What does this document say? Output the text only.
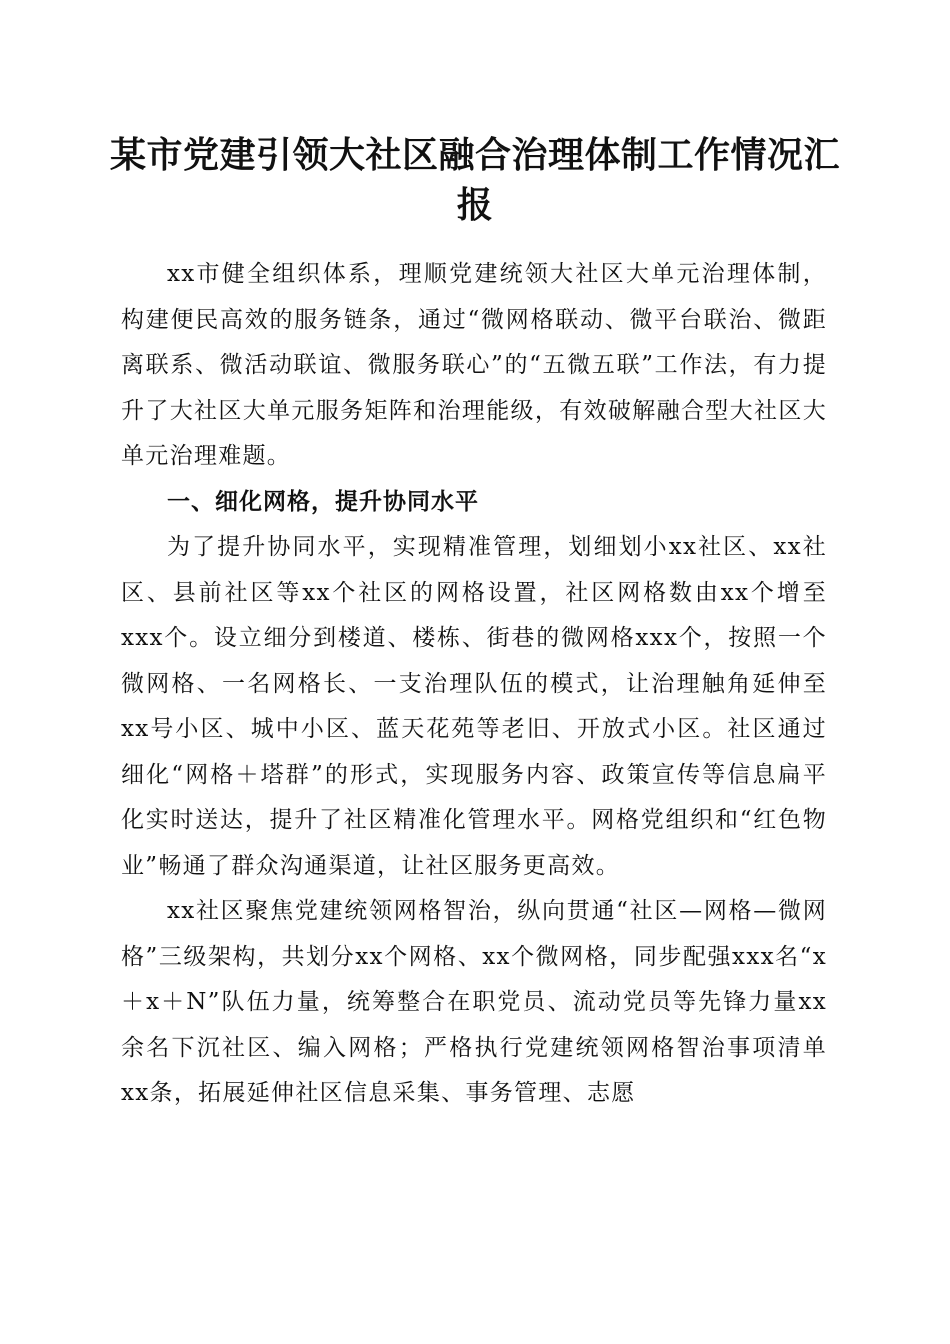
某市党建引领大社区融合治理体制工作情况汇报

xx市健全组织体系，理顺党建统领大社区大单元治理体制，构建便民高效的服务链条，通过“微网格联动、微平台联治、微距离联系、微活动联谊、微服务联心”的“五微五联”工作法，有力提升了大社区大单元服务矩阵和治理能级，有效破解融合型大社区大单元治理难题。

一、细化网格，提升协同水平

为了提升协同水平，实现精准管理，划细划小xx社区、xx社区、县前社区等xx个社区的网格设置，社区网格数由xx个增至xxx个。设立细分到楼道、楼栋、街巷的微网格xxx个，按照一个微网格、一名网格长、一支治理队伍的模式，让治理触角延伸至xx号小区、城中小区、蓝天花苑等老旧、开放式小区。社区通过细化“网格＋塔群”的形式，实现服务内容、政策宣传等信息扁平化实时送达，提升了社区精准化管理水平。网格党组织和“红色物业”畅通了群众沟通渠道，让社区服务更高效。

xx社区聚焦党建统领网格智治，纵向贯通“社区—网格—微网格”三级架构，共划分xx个网格、xx个微网格，同步配强xxx名“x＋x＋N”队伍力量，统筹整合在职党员、流动党员等先锋力量xx余名下沉社区、编入网格；严格执行党建统领网格智治事项清单xx条，拓展延伸社区信息采集、事务管理、志愿
